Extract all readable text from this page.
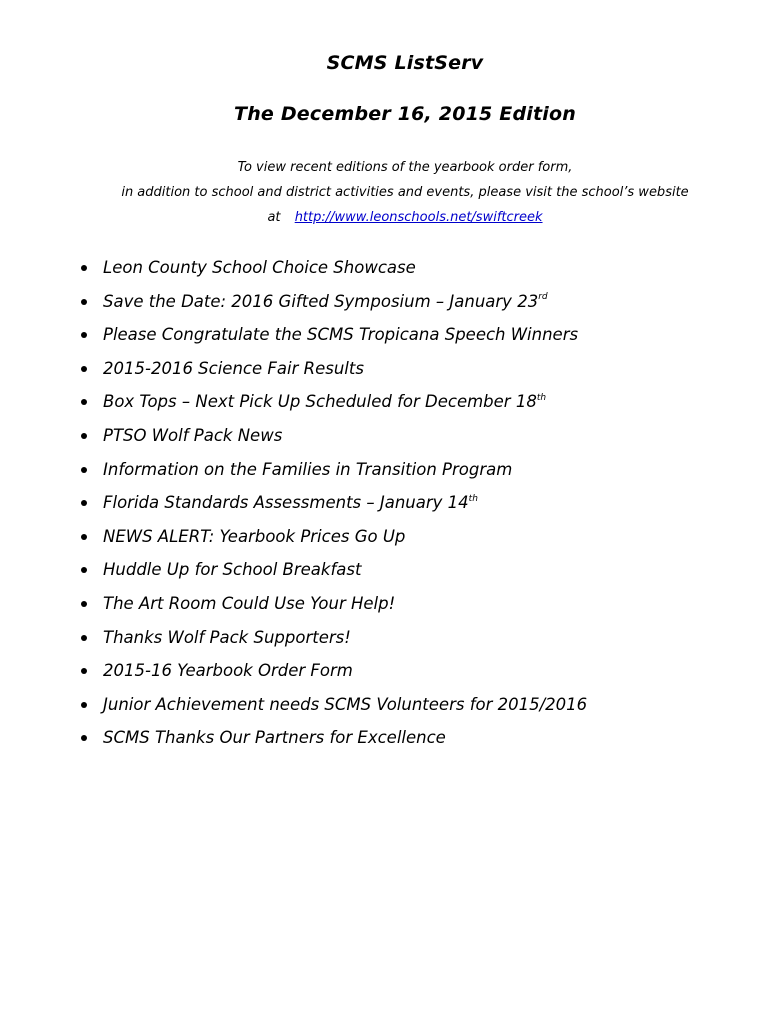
SCMS ListServ
The December 16, 2015 Edition
To view recent editions of the yearbook order form,
in addition to school and district activities and events, please visit the school’s website
at http://www.leonschools.net/swiftcreek
Leon County School Choice Showcase
Save the Date: 2016 Gifted Symposium – January 23rd
Please Congratulate the SCMS Tropicana Speech Winners
2015-2016 Science Fair Results
Box Tops – Next Pick Up Scheduled for December 18th
PTSO Wolf Pack News
Information on the Families in Transition Program
Florida Standards Assessments – January 14th
NEWS ALERT: Yearbook Prices Go Up
Huddle Up for School Breakfast
The Art Room Could Use Your Help!
Thanks Wolf Pack Supporters!
2015-16 Yearbook Order Form
Junior Achievement needs SCMS Volunteers for 2015/2016
SCMS Thanks Our Partners for Excellence
